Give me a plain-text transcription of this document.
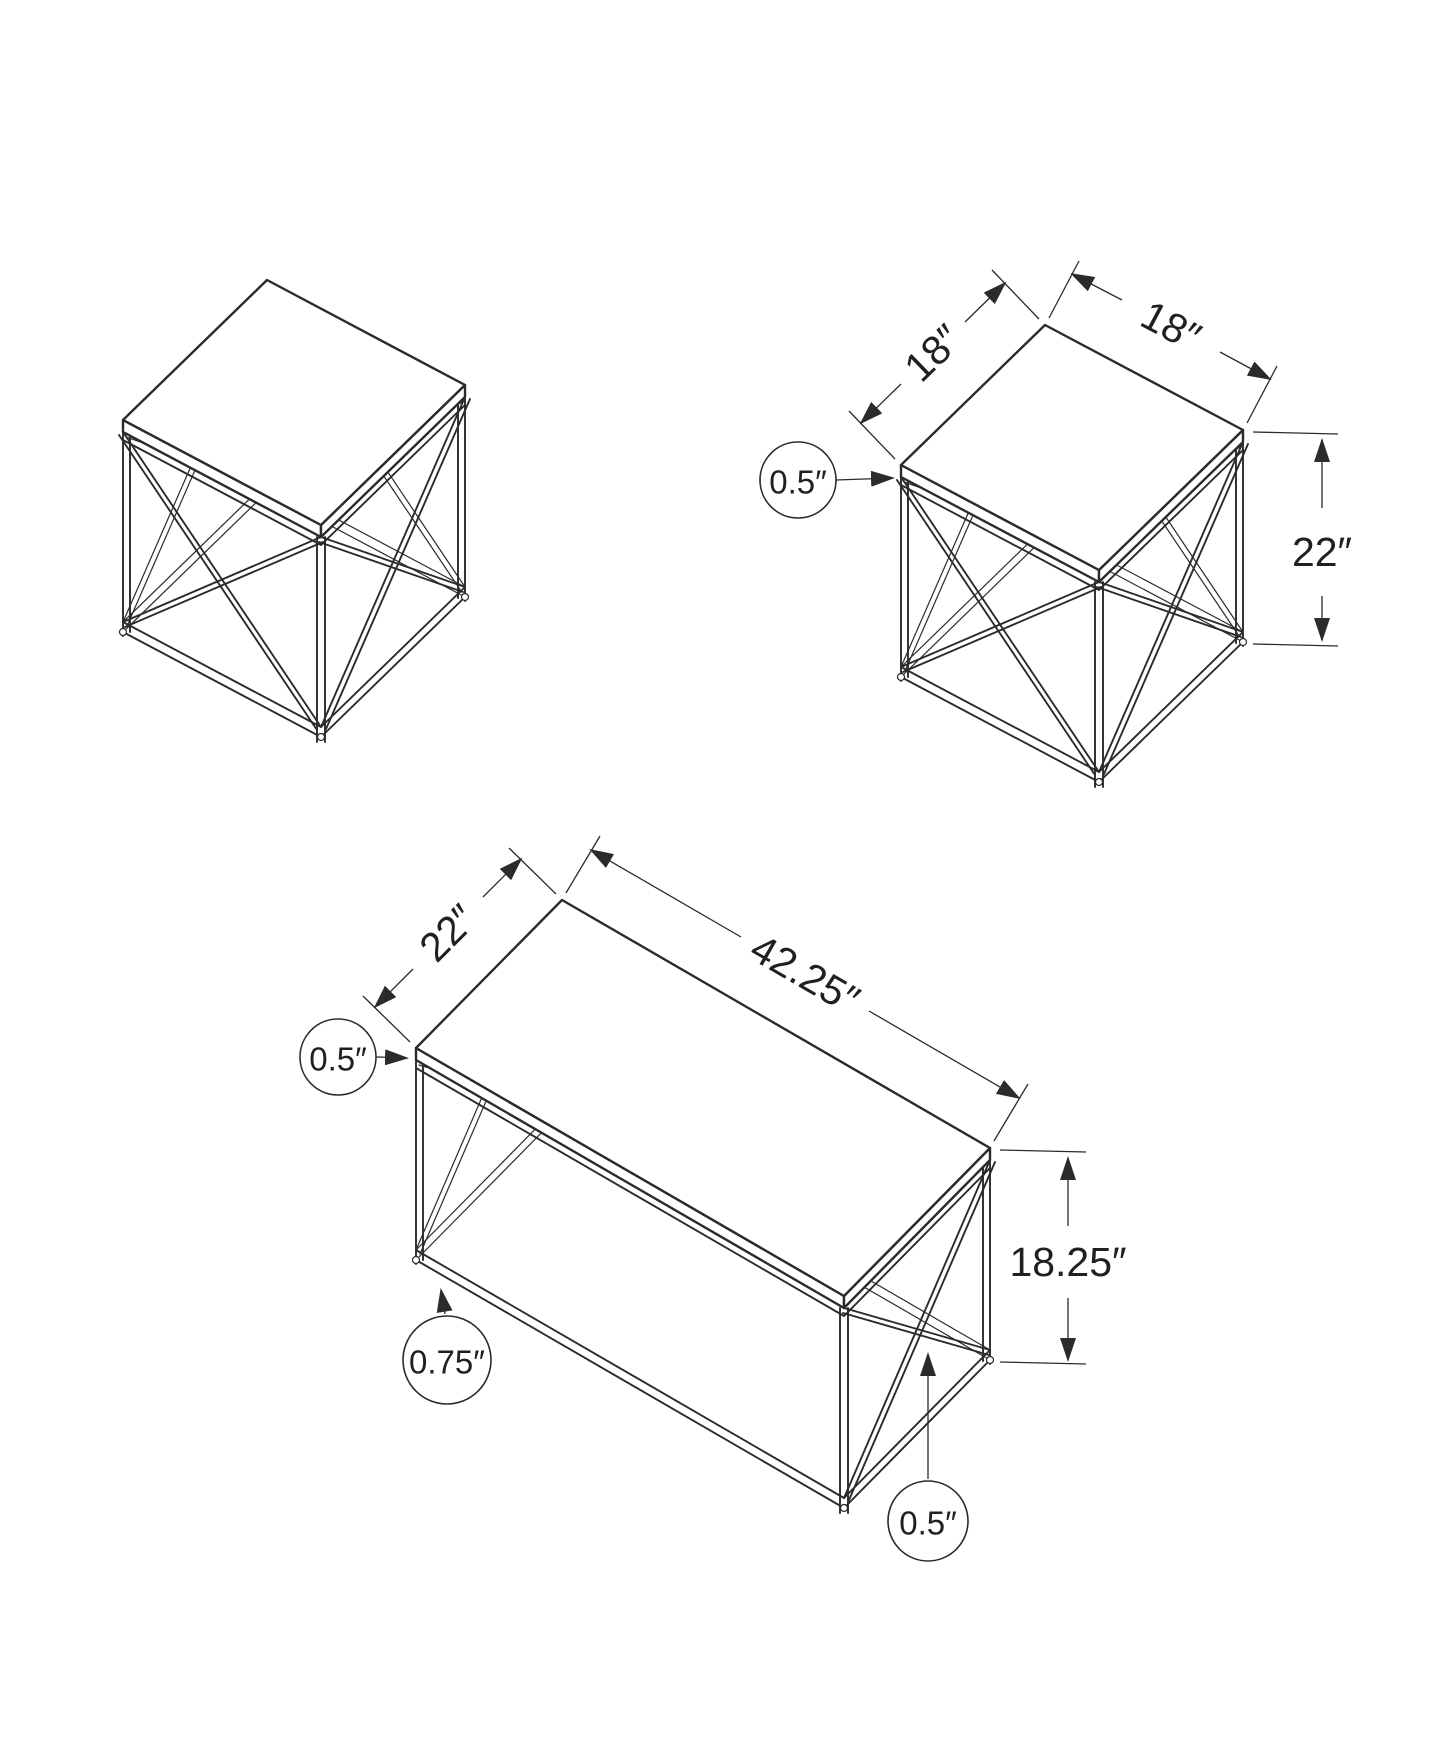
18″	18″
22″
0.5″
22″	42.25″
18.25″
0.5″
0.75″
0.5″
